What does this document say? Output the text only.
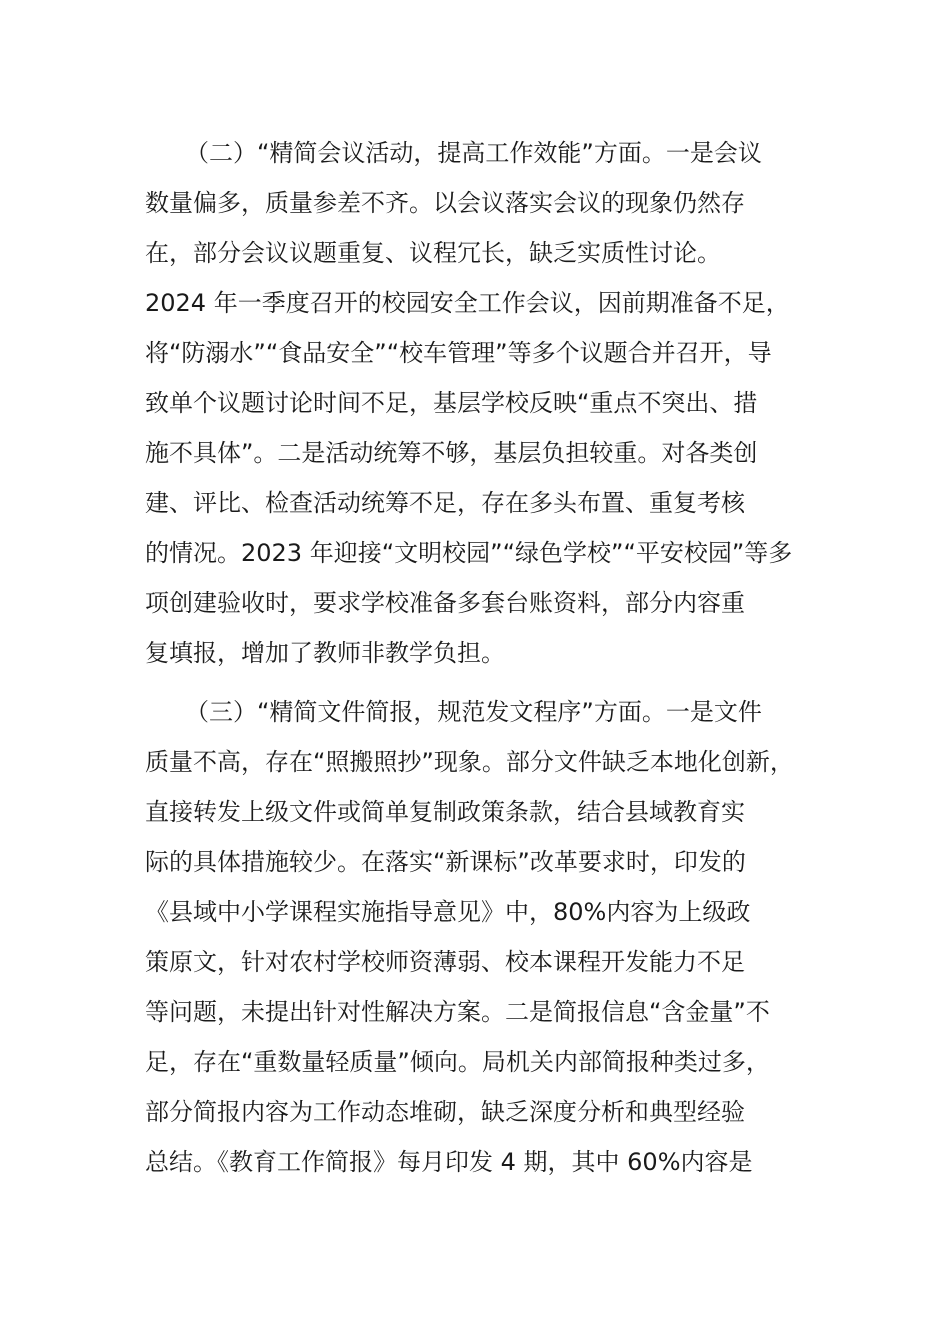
（二）“精简会议活动，提高工作效能”方面。一是会议
数量偏多，质量参差不齐。以会议落实会议的现象仍然存
在，部分会议议题重复、议程冗长，缺乏实质性讨论。
2024 年一季度召开的校园安全工作会议，因前期准备不足，
将“防溺水”“食品安全”“校车管理”等多个议题合并召开，导
致单个议题讨论时间不足，基层学校反映“重点不突出、措
施不具体”。二是活动统筹不够，基层负担较重。对各类创
建、评比、检查活动统筹不足，存在多头布置、重复考核
的情况。2023 年迎接“文明校园”“绿色学校”“平安校园”等多
项创建验收时，要求学校准备多套台账资料，部分内容重
复填报，增加了教师非教学负担。
（三）“精简文件简报，规范发文程序”方面。一是文件
质量不高，存在“照搬照抄”现象。部分文件缺乏本地化创新，
直接转发上级文件或简单复制政策条款，结合县域教育实
际的具体措施较少。在落实“新课标”改革要求时，印发的
《县域中小学课程实施指导意见》中，80%内容为上级政
策原文，针对农村学校师资薄弱、校本课程开发能力不足
等问题，未提出针对性解决方案。二是简报信息“含金量”不
足，存在“重数量轻质量”倾向。局机关内部简报种类过多，
部分简报内容为工作动态堆砌，缺乏深度分析和典型经验
总结。《教育工作简报》每月印发 4 期，其中 60%内容是
